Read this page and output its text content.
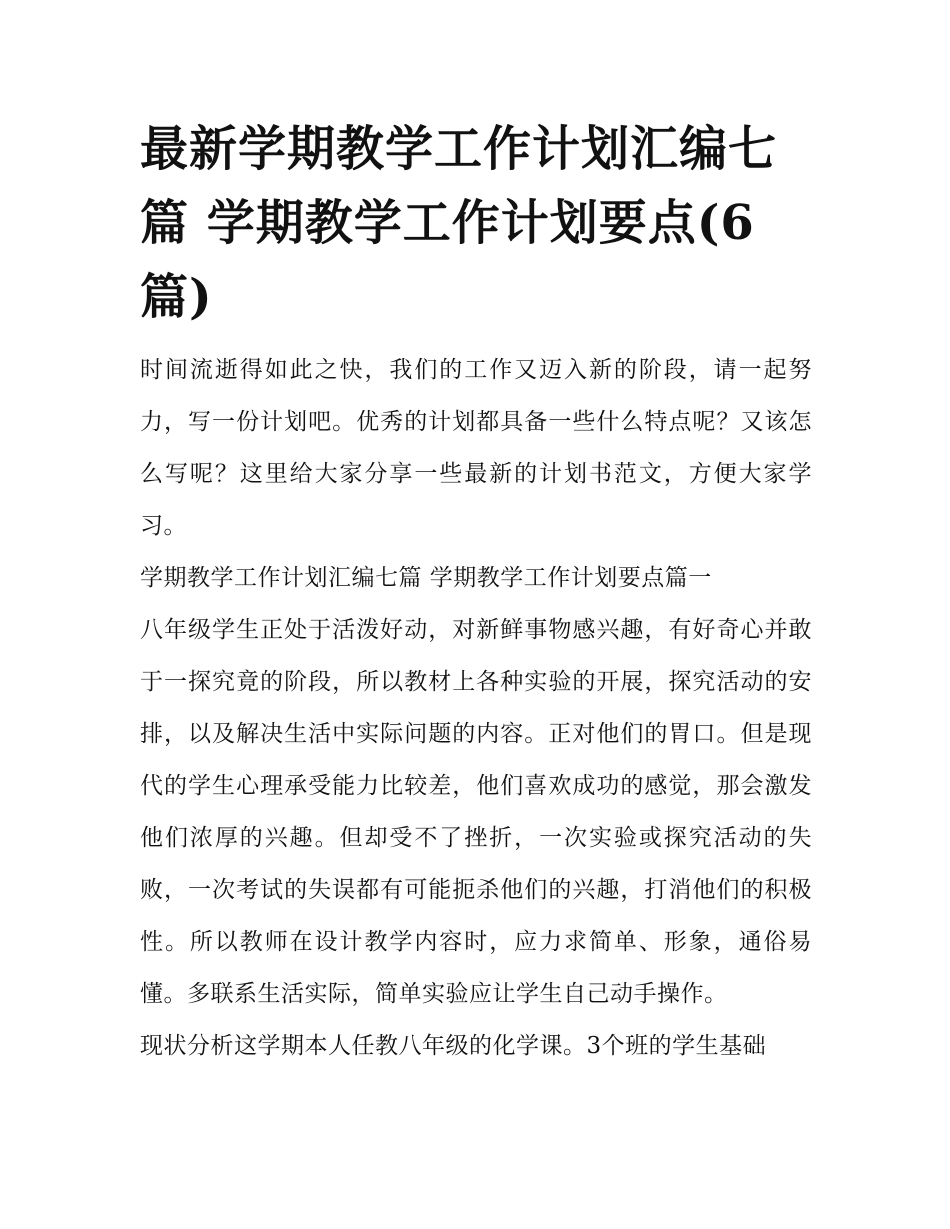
最新学期教学工作计划汇编七篇 学期教学工作计划要点(6篇)

时间流逝得如此之快，我们的工作又迈入新的阶段，请一起努力，写一份计划吧。优秀的计划都具备一些什么特点呢？又该怎么写呢？这里给大家分享一些最新的计划书范文，方便大家学习。

学期教学工作计划汇编七篇 学期教学工作计划要点篇一

八年级学生正处于活泼好动，对新鲜事物感兴趣，有好奇心并敢于一探究竟的阶段，所以教材上各种实验的开展，探究活动的安排，以及解决生活中实际问题的内容。正对他们的胃口。但是现代的学生心理承受能力比较差，他们喜欢成功的感觉，那会激发他们浓厚的兴趣。但却受不了挫折，一次实验或探究活动的失败，一次考试的失误都有可能扼杀他们的兴趣，打消他们的积极性。所以教师在设计教学内容时，应力求简单、形象，通俗易懂。多联系生活实际，简单实验应让学生自己动手操作。

现状分析这学期本人任教八年级的化学课。3个班的学生基础
